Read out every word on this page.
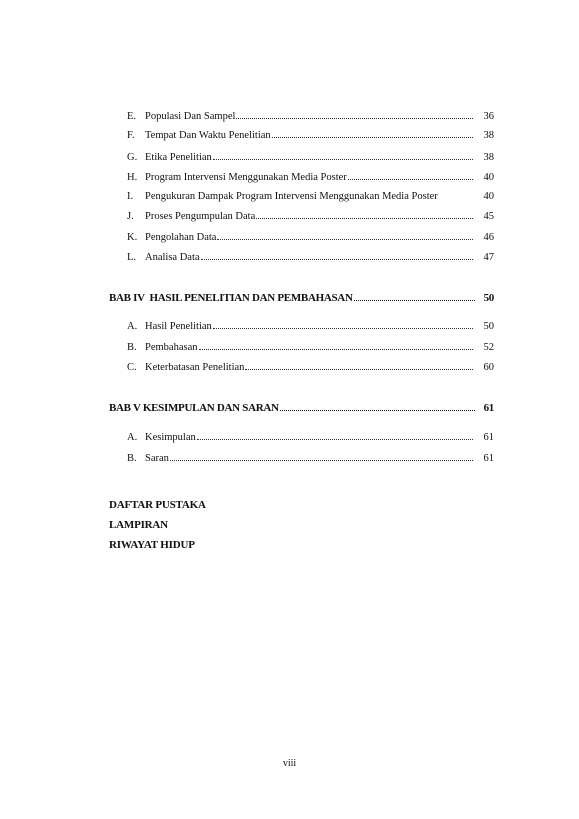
E. Populasi Dan Sampel	36
F. Tempat Dan Waktu Penelitian	38
G. Etika Penelitian	38
H. Program Intervensi Menggunakan Media Poster	40
I.	Pengukuran Dampak Program Intervensi Menggunakan Media Poster	40
J.	Proses Pengumpulan Data	45
K. Pengolahan Data	46
L. Analisa Data	47
BAB IV  HASIL PENELITIAN DAN PEMBAHASAN	50
A. Hasil Penelitian	50
B. Pembahasan	52
C. Keterbatasan Penelitian	60
BAB V KESIMPULAN DAN SARAN	61
A. Kesimpulan	61
B. Saran	61
DAFTAR PUSTAKA
LAMPIRAN
RIWAYAT HIDUP
viii
